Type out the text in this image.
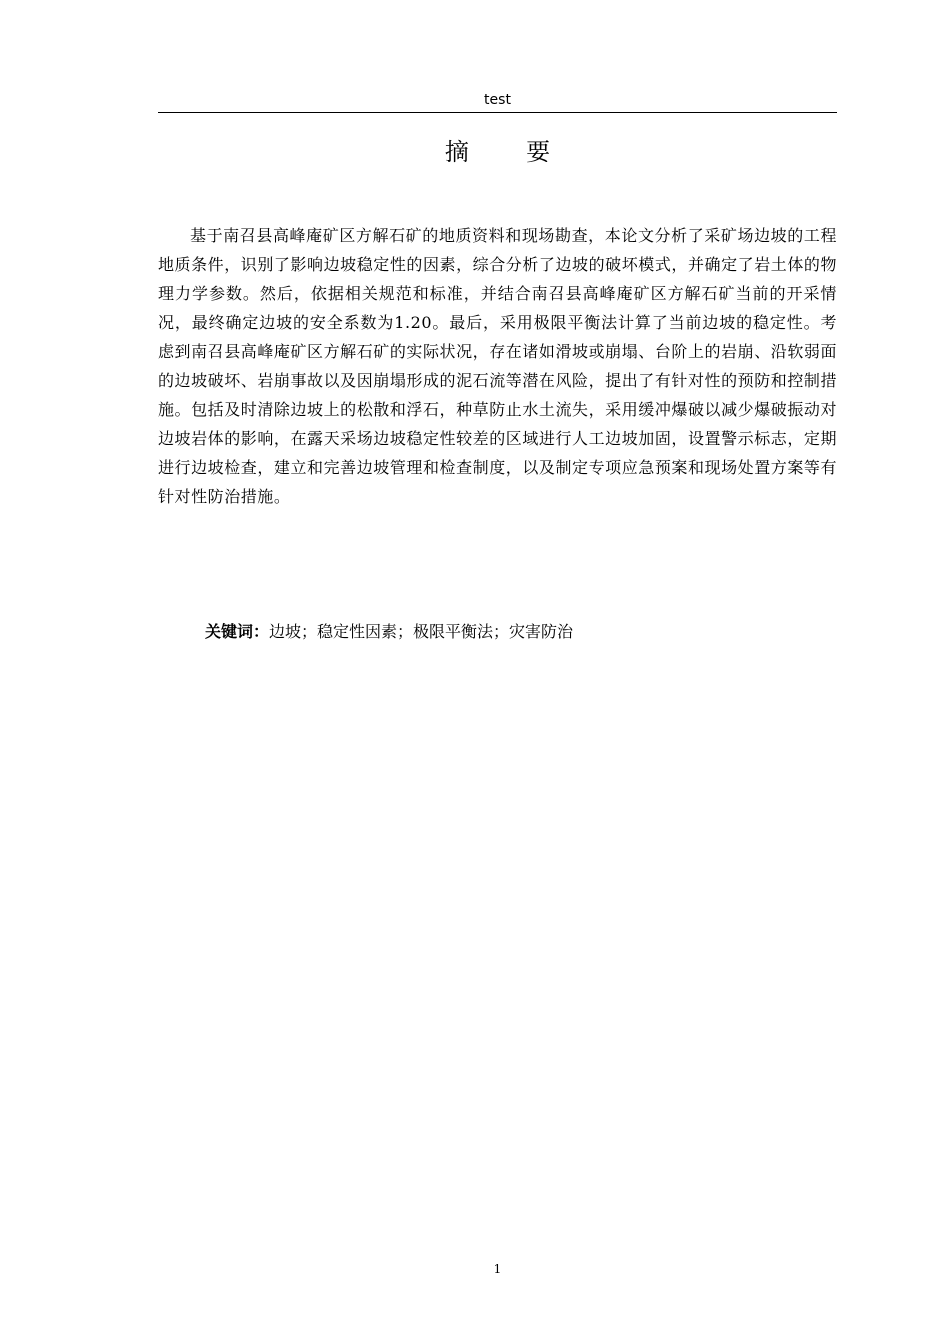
test
摘  要

基于南召县高峰庵矿区方解石矿的地质资料和现场勘查，本论文分析了采矿场边坡的工程地质条件，识别了影响边坡稳定性的因素，综合分析了边坡的破坏模式，并确定了岩土体的物理力学参数。然后，依据相关规范和标准，并结合南召县高峰庵矿区方解石矿当前的开采情况，最终确定边坡的安全系数为1.20。最后，采用极限平衡法计算了当前边坡的稳定性。考虑到南召县高峰庵矿区方解石矿的实际状况，存在诸如滑坡或崩塌、台阶上的岩崩、沿软弱面的边坡破坏、岩崩事故以及因崩塌形成的泥石流等潜在风险，提出了有针对性的预防和控制措施。包括及时清除边坡上的松散和浮石，种草防止水土流失，采用缓冲爆破以减少爆破振动对边坡岩体的影响，在露天采场边坡稳定性较差的区域进行人工边坡加固，设置警示标志，定期进行边坡检查，建立和完善边坡管理和检查制度，以及制定专项应急预案和现场处置方案等有针对性防治措施。

关键词：边坡；稳定性因素；极限平衡法；灾害防治

1
